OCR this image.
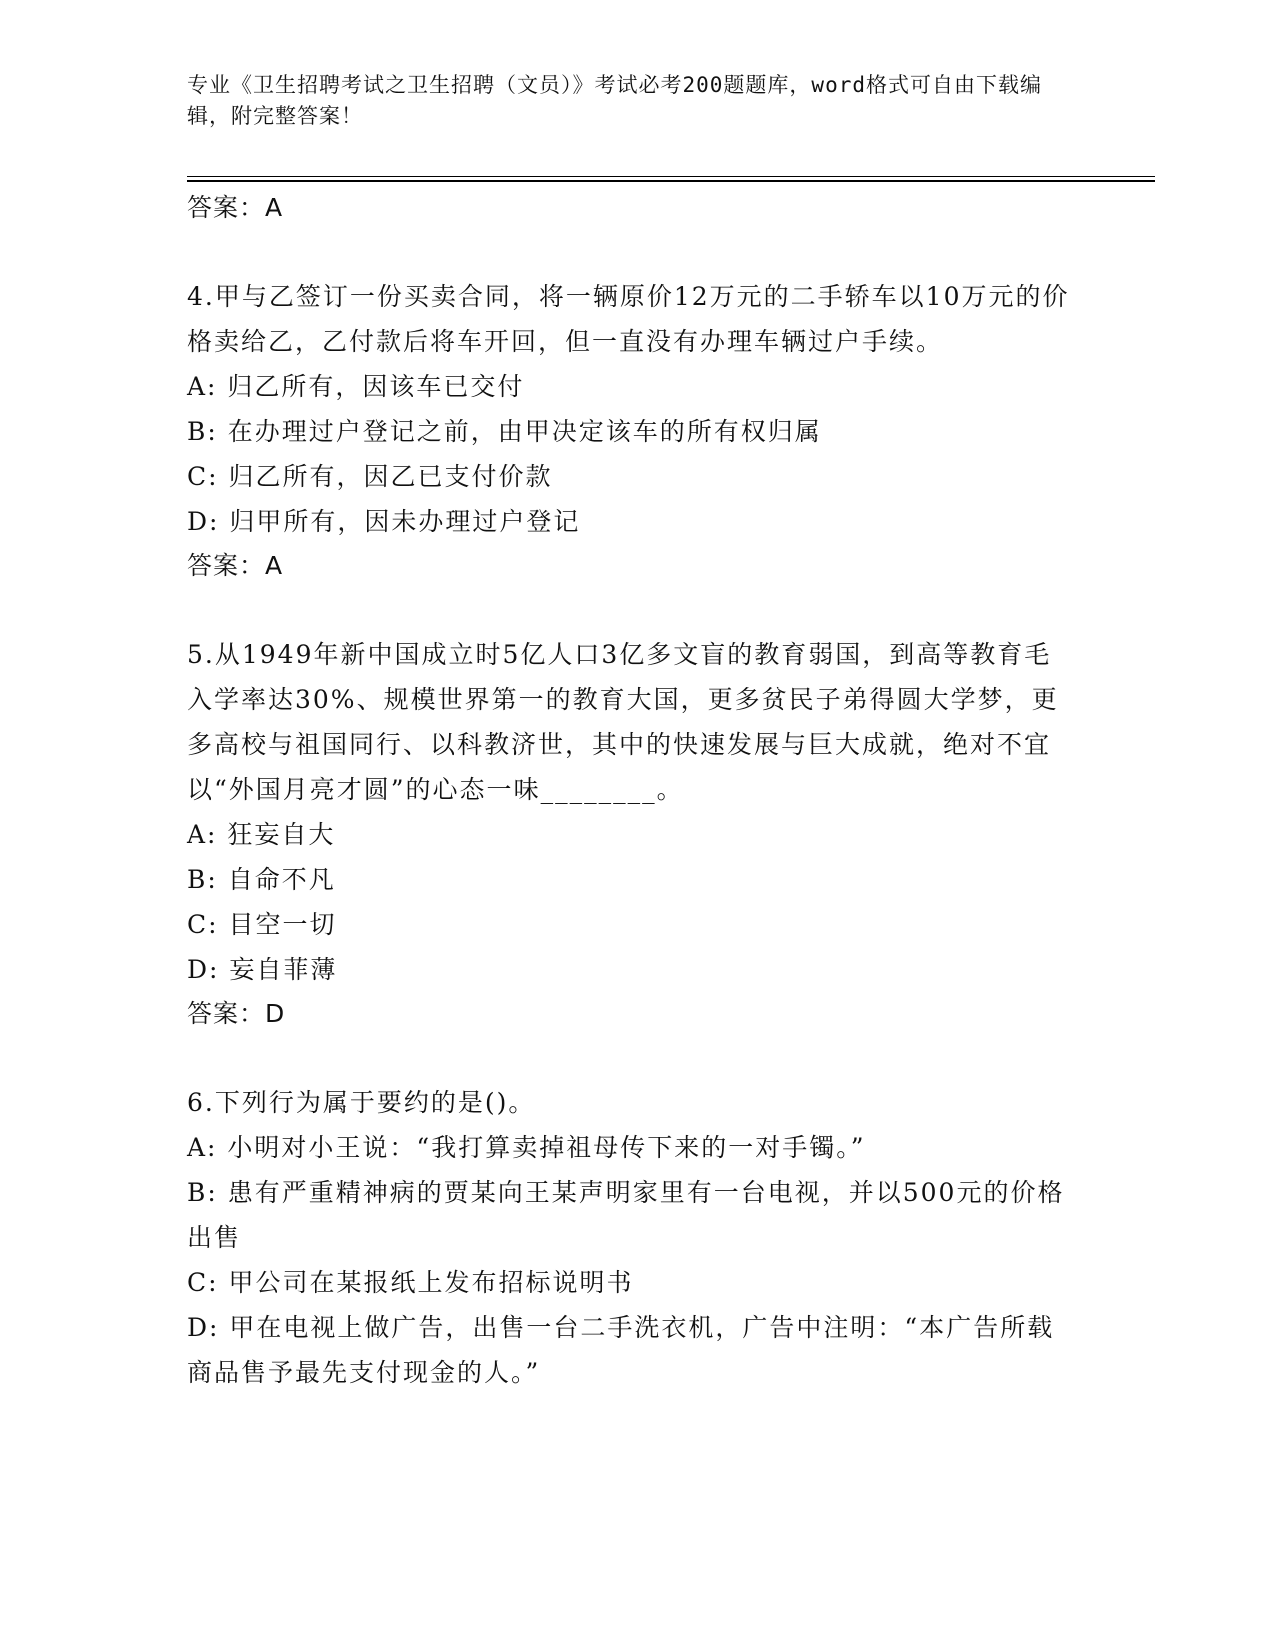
专业《卫生招聘考试之卫生招聘（文员）》考试必考200题题库，word格式可自由下载编辑，附完整答案！
答案：A
4.甲与乙签订一份买卖合同，将一辆原价12万元的二手轿车以10万元的价格卖给乙，乙付款后将车开回，但一直没有办理车辆过户手续。
A: 归乙所有，因该车已交付
B: 在办理过户登记之前，由甲决定该车的所有权归属
C: 归乙所有，因乙已支付价款
D: 归甲所有，因未办理过户登记
答案：A
5.从1949年新中国成立时5亿人口3亿多文盲的教育弱国，到高等教育毛入学率达30%、规模世界第一的教育大国，更多贫民子弟得圆大学梦，更多高校与祖国同行、以科教济世，其中的快速发展与巨大成就，绝对不宜以“外国月亮才圆”的心态一味________。
A: 狂妄自大
B: 自命不凡
C: 目空一切
D: 妄自菲薄
答案：D
6.下列行为属于要约的是()。
A: 小明对小王说：“我打算卖掉祖母传下来的一对手镯。”
B: 患有严重精神病的贾某向王某声明家里有一台电视，并以500元的价格出售
C: 甲公司在某报纸上发布招标说明书
D: 甲在电视上做广告，出售一台二手洗衣机，广告中注明：“本广告所载商品售予最先支付现金的人。”
